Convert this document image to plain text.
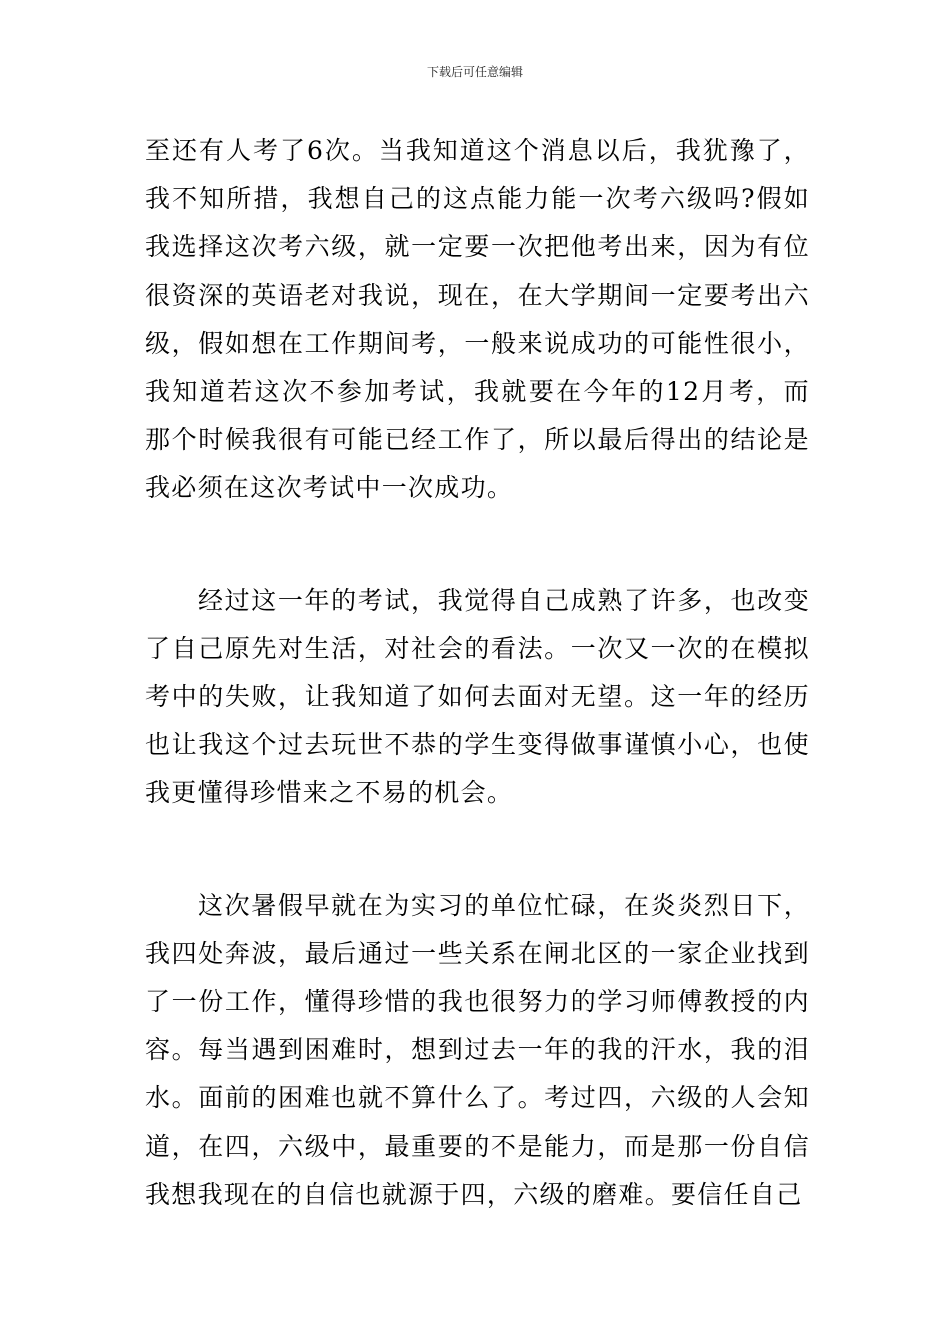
下载后可任意编辑

至还有人考了6次。当我知道这个消息以后，我犹豫了，我不知所措，我想自己的这点能力能一次考六级吗?假如我选择这次考六级，就一定要一次把他考出来，因为有位很资深的英语老对我说，现在，在大学期间一定要考出六级，假如想在工作期间考，一般来说成功的可能性很小，我知道若这次不参加考试，我就要在今年的12月考，而那个时候我很有可能已经工作了，所以最后得出的结论是我必须在这次考试中一次成功。

经过这一年的考试，我觉得自己成熟了许多，也改变了自己原先对生活，对社会的看法。一次又一次的在模拟考中的失败，让我知道了如何去面对无望。这一年的经历也让我这个过去玩世不恭的学生变得做事谨慎小心，也使我更懂得珍惜来之不易的机会。

这次暑假早就在为实习的单位忙碌，在炎炎烈日下，我四处奔波，最后通过一些关系在闸北区的一家企业找到了一份工作，懂得珍惜的我也很努力的学习师傅教授的内容。每当遇到困难时，想到过去一年的我的汗水，我的泪水。面前的困难也就不算什么了。考过四，六级的人会知道，在四，六级中，最重要的不是能力，而是那一份自信我想我现在的自信也就源于四，六级的磨难。要信任自己
